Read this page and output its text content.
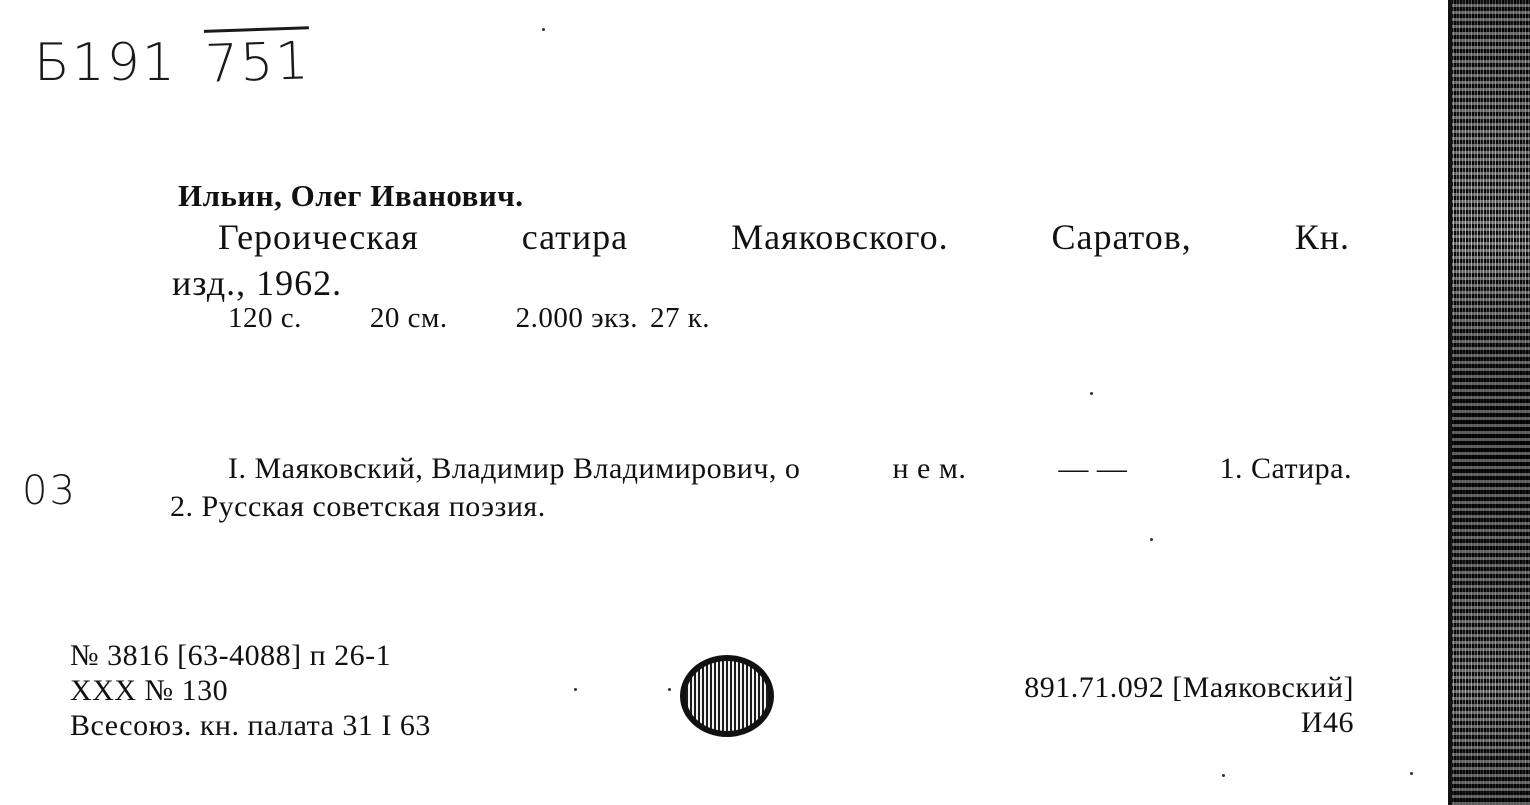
Б191 751
Ильин, Олег Иванович.
Героическая	сатира	Маяковского.	Саратов,	Кн.
изд., 1962.
120 с. 20 см. 2.000 экз. 27 к.
03	I. Маяковский, Владимир Владимирович, о	н е м.	— —	1. Сатира.
2. Русская советская поэзия.
№ 3816 [63-4088] п 26-1
XXX № 130
Всесоюз. кн. палата 31 I 63
891.71.092 [Маяковский]
И46
